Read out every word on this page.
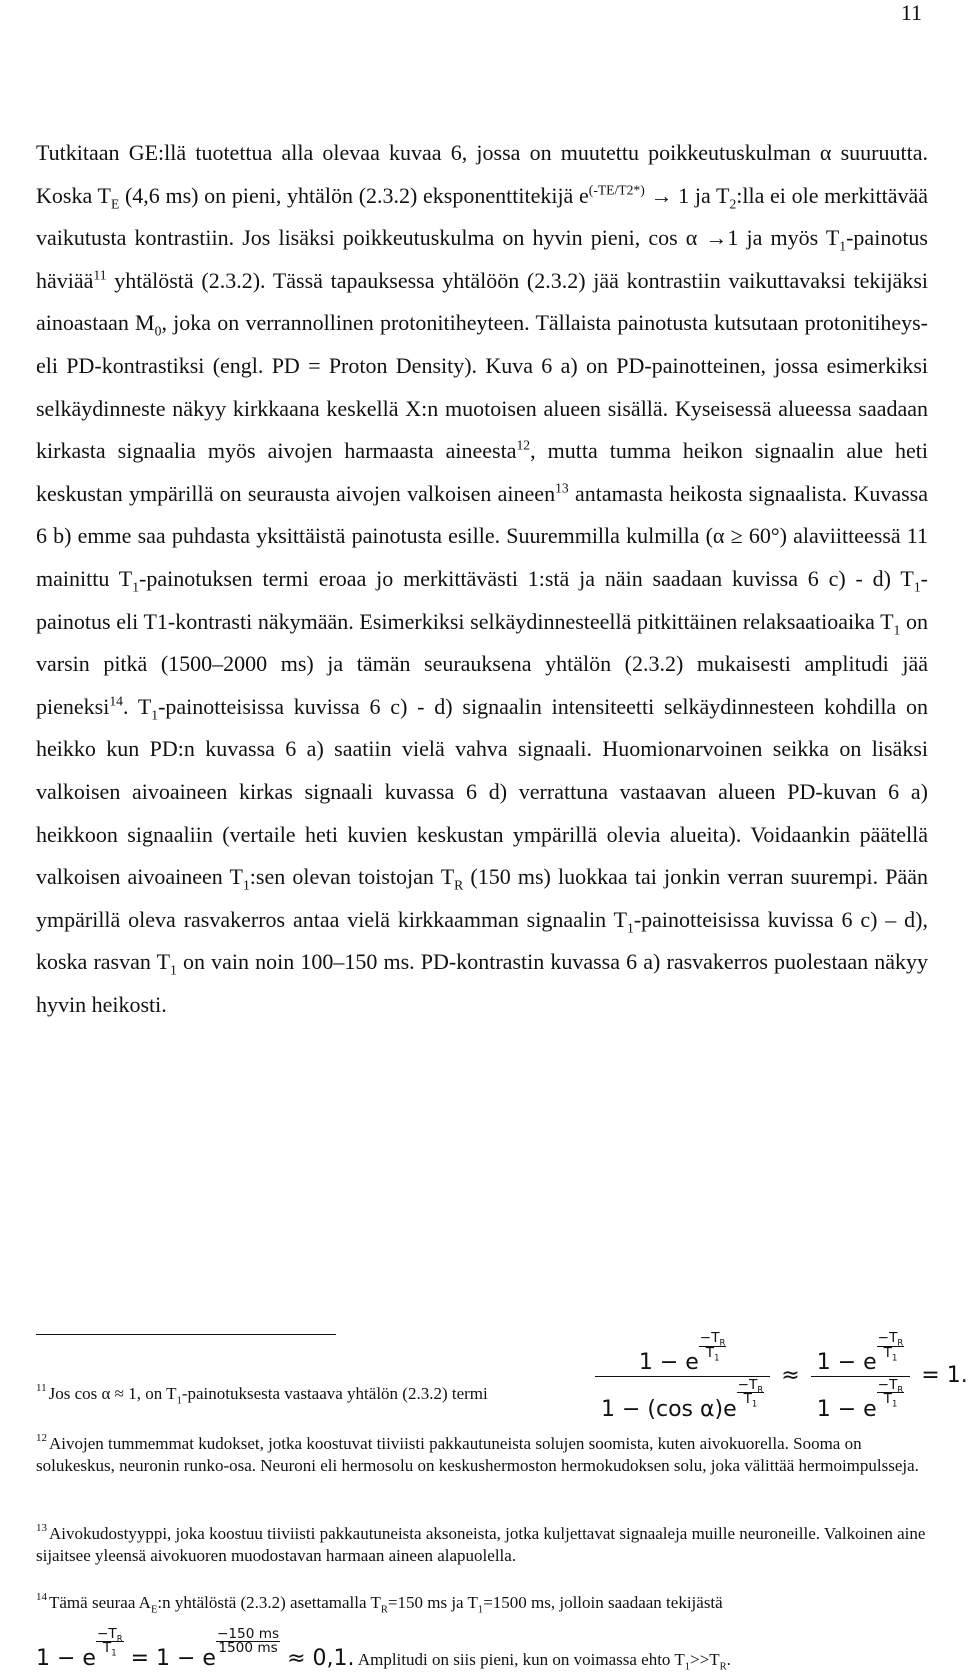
11
Tutkitaan GE:llä tuotettua alla olevaa kuvaa 6, jossa on muutettu poikkeutuskulman α suuruutta. Koska $T_E$ (4,6 ms) on pieni, yhtälön (2.3.2) eksponenttitekijä $e^{(-TE/T2*)} \to 1$ ja $T_2:lla$ ei ole merkittävää vaikutusta kontrastiin. Jos lisäksi poikkeutuskulma on hyvin pieni, cos α →1 ja myös $T_1$-painotus häviää$^{11}$ yhtälöstä (2.3.2). Tässä tapauksessa yhtälöön (2.3.2) jää kontrastiin vaikuttavaksi tekijäksi ainoastaan $M_0$, joka on verrannollinen protonitiheyteen. Tällaista painotusta kutsutaan protonitiheys-eli PD-kontrastiksi (engl. PD = Proton Density). Kuva 6 a) on PD-painotteinen, jossa esimerkiksi selkäydinneste näkyy kirkkaana keskellä X:n muotoisen alueen sisällä. Kyseisessä alueessa saadaan kirkasta signaalia myös aivojen harmaasta aineesta$^{12}$, mutta tumma heikon signaalin alue heti keskustan ympärillä on seurausta aivojen valkoisen aineen$^{13}$ antamasta heikosta signaalista. Kuvassa 6 b) emme saa puhdasta yksittäistä painotusta esille. Suuremmilla kulmilla (α ≥ 60°) alaviitteessä 11 mainittu $T_1$-painotuksen termi eroaa jo merkittävästi 1:stä ja näin saadaan kuvissa 6 c) - d) $T_1$-painotus eli T1-kontrasti näkymään. Esimerkiksi selkäydinnesteellä pitkittäinen relaksaatioaika $T_1$ on varsin pitkä (1500–2000 ms) ja tämän seurauksena yhtälön (2.3.2) mukaisesti amplitudi jää pieneksi$^{14}$. $T_1$-painotteisissa kuvissa 6 c) - d) signaalin intensiteetti selkäydinnesteen kohdilla on heikko kun PD:n kuvassa 6 a) saatiin vielä vahva signaali. Huomionarvoinen seikka on lisäksi valkoisen aivoaineen kirkas signaali kuvassa 6 d) verrattuna vastaavan alueen PD-kuvan 6 a) heikkoon signaaliin (vertaile heti kuvien keskustan ympärillä olevia alueita). Voidaankin päätellä valkoisen aivoaineen $T_1:sen$ olevan toistojan $T_R$ (150 ms) luokkaa tai jonkin verran suurempi. Pään ympärillä oleva rasvakerros antaa vielä kirkkaamman signaalin $T_1$-painotteisissa kuvissa 6 c) – d), koska rasvan $T_1$ on vain noin 100–150 ms. PD-kontrastin kuvassa 6 a) rasvakerros puolestaan näkyy hyvin heikosti.
$^{11}$ Jos cos α ≈ 1, on $T_1$-painotuksesta vastaava yhtälön (2.3.2) termi	1 − e
$\frac{-T_R}{T_1}$
1 − (cos α)e
$\frac{-T_R}{T_1} \approx 1 - e$
$\frac{-T_R}{T_1}$
1 − e
$\frac{-T_R}{T_1} = 1$.
$^{12}$ Aivojen tummemmat kudokset, jotka koostuvat tiiviisti pakkautuneista solujen soomista, kuten aivokuorella. Sooma on solukeskus, neuronin runko-osa. Neuroni eli hermosolu on keskushermoston hermokudoksen solu, joka välittää hermoimpulsseja.
$^{13}$ Aivokudostyyppi, joka koostuu tiiviisti pakkautuneista aksoneista, jotka kuljettavat signaaleja muille neuroneille. Valkoinen aine sijaitsee yleensä aivokuoren muodostavan harmaan aineen alapuolella.
$^{14}$ Tämä seuraa $A_E:n$ yhtälöstä (2.3.2) asettamalla $T_R=150$ ms ja $T_1=1500$ ms, jolloin saadaan tekijästä
1 − e
$\frac{-T_R}{T_1}$
= 1 − e
$\frac{-150 ms}{1500 ms}$
≈ 0,1. Amplitudi on siis pieni, kun on voimassa ehto $T_1>>T_R$.
